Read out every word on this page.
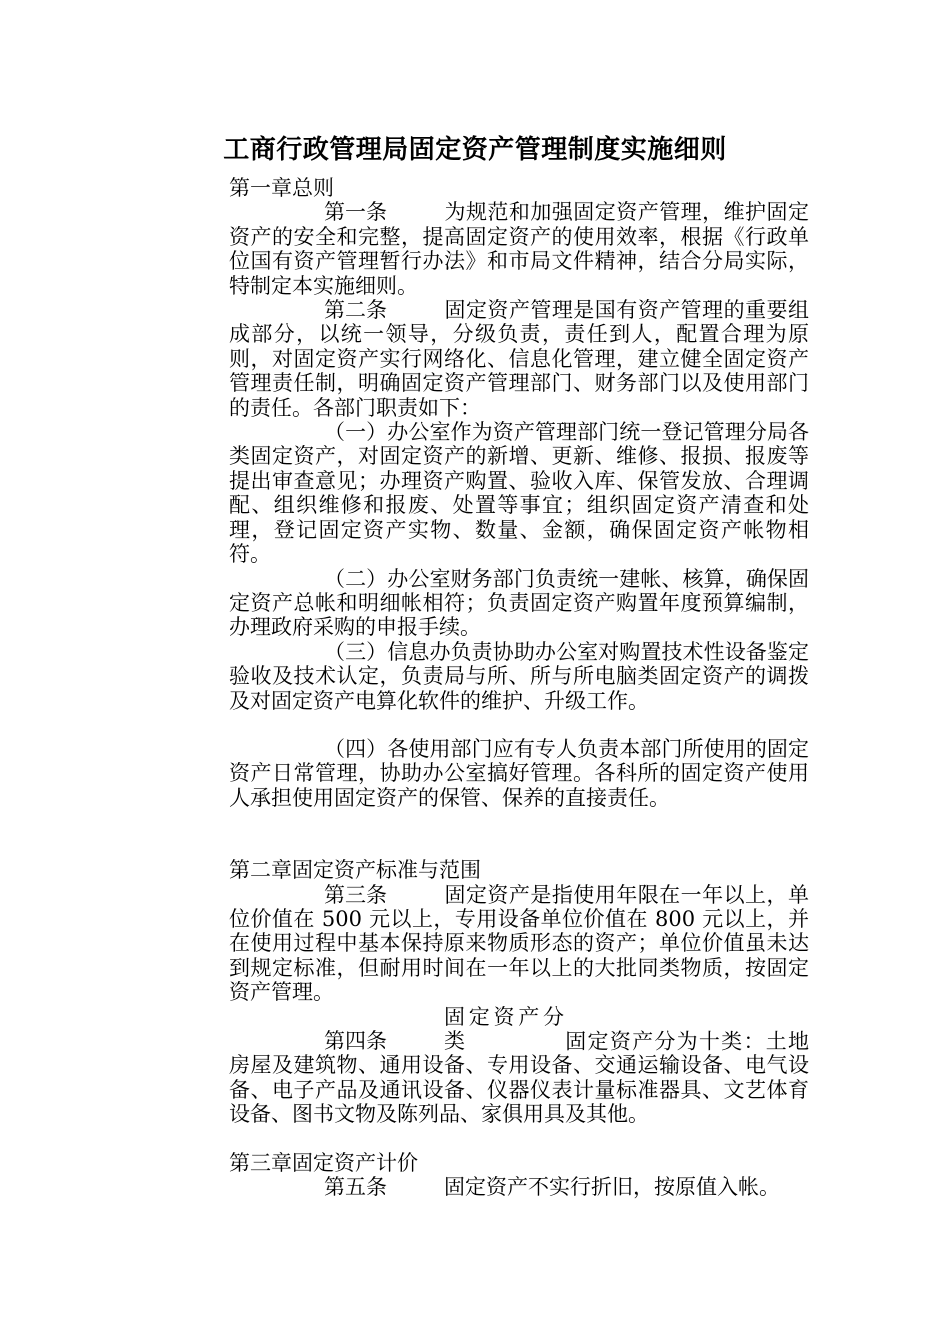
工商行政管理局固定资产管理制度实施细则

第一章总则

第一条	为规范和加强固定资产管理，维护固定资产的安全和完整，提高固定资产的使用效率，根据《行政单位国有资产管理暂行办法》和市局文件精神，结合分局实际，特制定本实施细则。

第二条	固定资产管理是国有资产管理的重要组成部分，以统一领导，分级负责，责任到人，配置合理为原则，对固定资产实行网络化、信息化管理，建立健全固定资产管理责任制，明确固定资产管理部门、财务部门以及使用部门的责任。各部门职责如下：

（一）办公室作为资产管理部门统一登记管理分局各类固定资产，对固定资产的新增、更新、维修、报损、报废等提出审查意见；办理资产购置、验收入库、保管发放、合理调配、组织维修和报废、处置等事宜；组织固定资产清查和处理，登记固定资产实物、数量、金额，确保固定资产帐物相符。

（二）办公室财务部门负责统一建帐、核算，确保固定资产总帐和明细帐相符；负责固定资产购置年度预算编制，办理政府采购的申报手续。

（三）信息办负责协助办公室对购置技术性设备鉴定验收及技术认定，负责局与所、所与所电脑类固定资产的调拨及对固定资产电算化软件的维护、升级工作。

（四）各使用部门应有专人负责本部门所使用的固定资产日常管理，协助办公室搞好管理。各科所的固定资产使用人承担使用固定资产的保管、保养的直接责任。

第二章固定资产标准与范围

第三条	固定资产是指使用年限在一年以上，单位价值在 500 元以上，专用设备单位价值在 800 元以上，并在使用过程中基本保持原来物质形态的资产；单位价值虽未达到规定标准，但耐用时间在一年以上的大批同类物质，按固定资产管理。

第四条固定资产分类	固定资产分为十类：土地房屋及建筑物、通用设备、专用设备、交通运输设备、电气设备、电子产品及通讯设备、仪器仪表计量标准器具、文艺体育设备、图书文物及陈列品、家俱用具及其他。

第三章固定资产计价

第五条	固定资产不实行折旧，按原值入帐。
